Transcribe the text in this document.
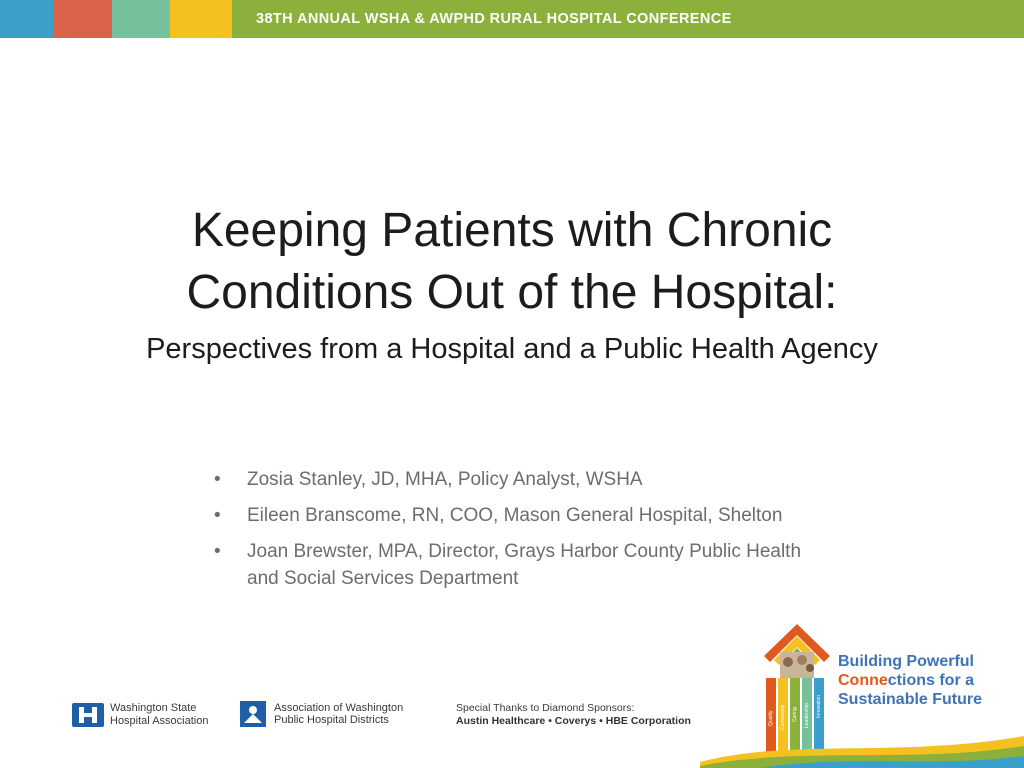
38TH ANNUAL WSHA & AWPHD RURAL HOSPITAL CONFERENCE
Keeping Patients with Chronic
Conditions Out of the Hospital:
Perspectives from a Hospital and a Public Health Agency
• Zosia Stanley, JD, MHA, Policy Analyst, WSHA
• Eileen Branscome, RN, COO, Mason General Hospital, Shelton
• Joan Brewster, MPA, Director, Grays Harbor County Public Health and Social Services Department
Washington State
Hospital Association
Association of Washington
Public Hospital Districts
Special Thanks to Diamond Sponsors:
Austin Healthcare • Coverys • HBE Corporation	Quality Community Caring Leadership Innovation
Building Powerful
Connections for a
Sustainable Future
